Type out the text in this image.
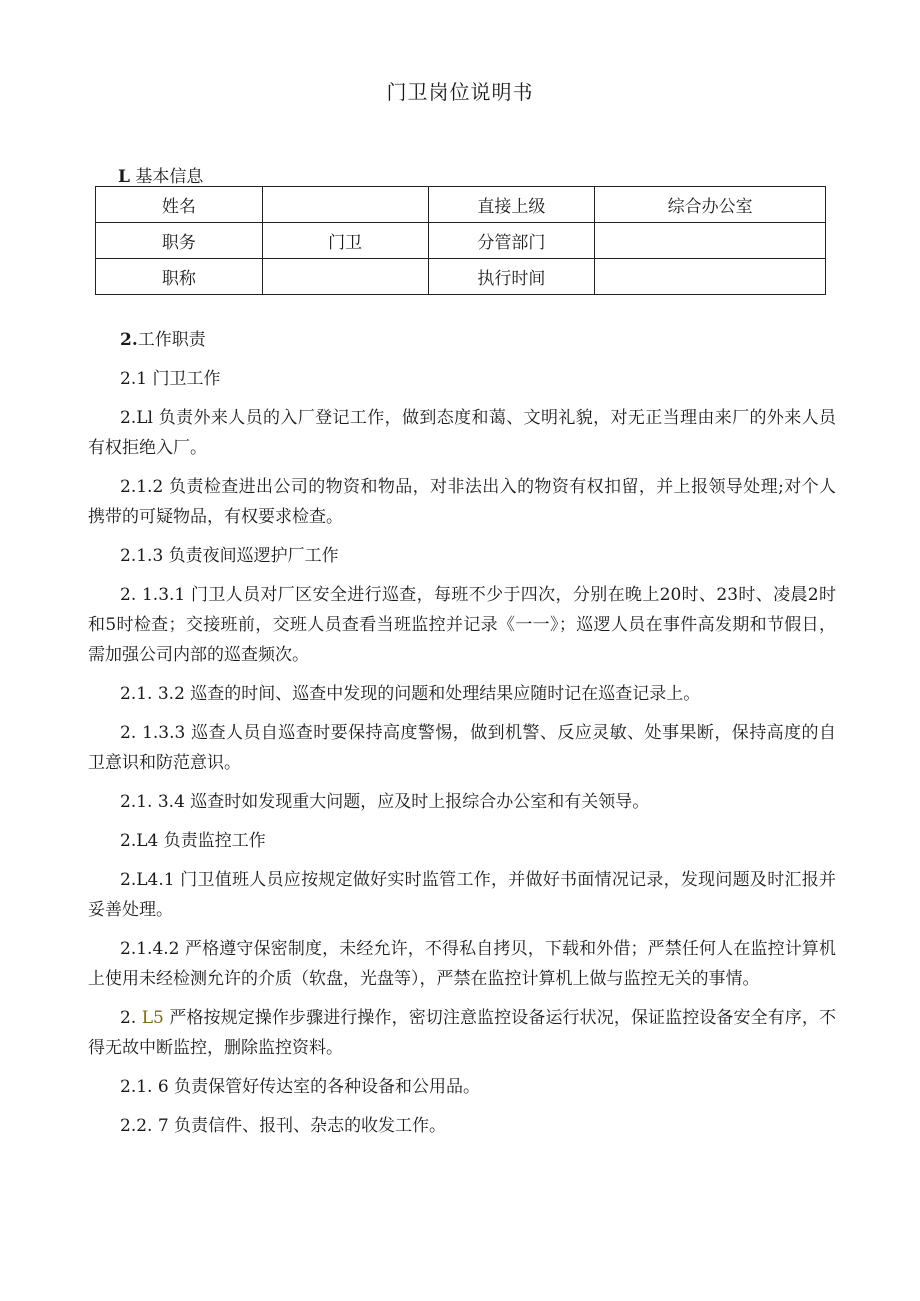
门卫岗位说明书
L 基本信息
姓名		直接上级	综合办公室
职务	门卫	分管部门	
职称		执行时间	

2.工作职责

2.1 门卫工作

2.Ll 负责外来人员的入厂登记工作，做到态度和蔼、文明礼貌，对无正当理由来厂的外来人员有权拒绝入厂。

2.1.2 负责检查进出公司的物资和物品，对非法出入的物资有权扣留，并上报领导处理;对个人携带的可疑物品，有权要求检查。

2.1.3 负责夜间巡逻护厂工作

2. 1.3.1 门卫人员对厂区安全进行巡查，每班不少于四次，分别在晚上20时、23时、凌晨2时和5时检查；交接班前，交班人员查看当班监控并记录《一一》；巡逻人员在事件高发期和节假日，需加强公司内部的巡查频次。

2.1. 3.2 巡查的时间、巡查中发现的问题和处理结果应随时记在巡查记录上。

2. 1.3.3 巡查人员自巡查时要保持高度警惕，做到机警、反应灵敏、处事果断，保持高度的自卫意识和防范意识。

2.1. 3.4 巡查时如发现重大问题，应及时上报综合办公室和有关领导。

2.L4 负责监控工作

2.L4.1 门卫值班人员应按规定做好实时监管工作，并做好书面情况记录，发现问题及时汇报并妥善处理。

2.1.4.2 严格遵守保密制度，未经允许，不得私自拷贝，下载和外借；严禁任何人在监控计算机上使用未经检测允许的介质（软盘，光盘等），严禁在监控计算机上做与监控无关的事情。

2. L5 严格按规定操作步骤进行操作，密切注意监控设备运行状况，保证监控设备安全有序，不得无故中断监控，删除监控资料。

2.1. 6 负责保管好传达室的各种设备和公用品。

2.2. 7 负责信件、报刊、杂志的收发工作。
